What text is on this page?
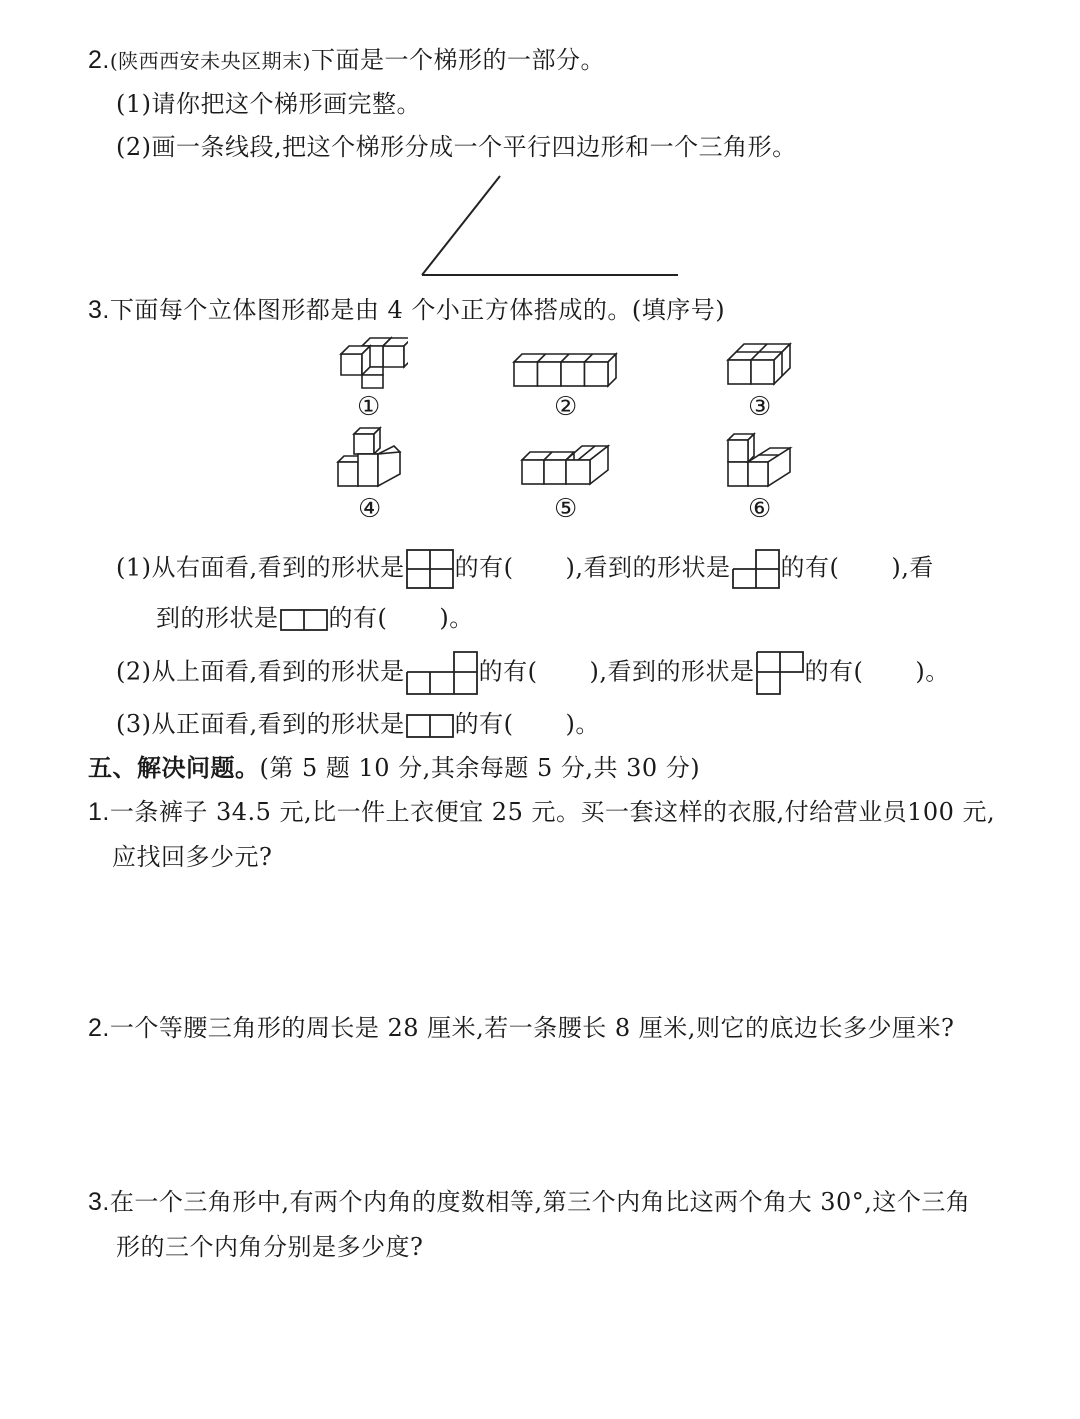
2.(陕西西安未央区期末)下面是一个梯形的一部分。
(1)请你把这个梯形画完整。
(2)画一条线段,把这个梯形分成一个平行四边形和一个三角形。
3.下面每个立体图形都是由 4 个小正方体搭成的。(填序号)
①	②	③
④	⑤	⑥
(1)从右面看,看到的形状是 的有( ),看到的形状是 的有( ),看
到的形状是 的有( )。
(2)从上面看,看到的形状是	的有( ),看到的形状是 的有( )。
(3)从正面看,看到的形状是 的有( )。
五、解决问题。(第 5 题 10 分,其余每题 5 分,共 30 分)
1.一条裤子 34.5 元,比一件上衣便宜 25 元。买一套这样的衣服,付给营业员100 元,
应找回多少元?
2.一个等腰三角形的周长是 28 厘米,若一条腰长 8 厘米,则它的底边长多少厘米?
3.在一个三角形中,有两个内角的度数相等,第三个内角比这两个角大 30°,这个三角
形的三个内角分别是多少度?
